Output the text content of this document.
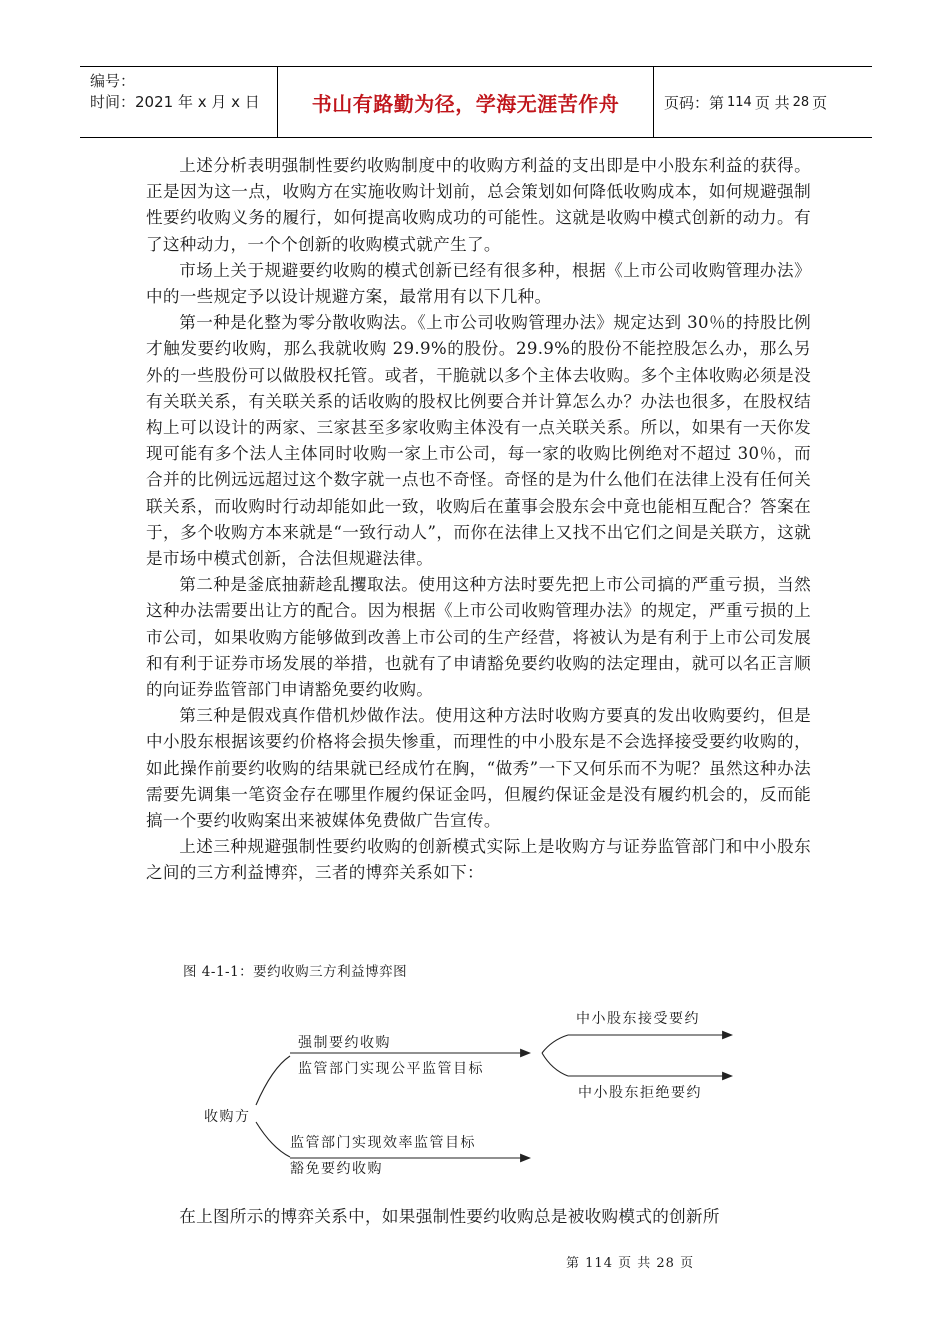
编号：
时间：2021 年 x 月 x 日	书山有路勤为径，学海无涯苦作舟	页码：第 114 页 共 28 页

上述分析表明强制性要约收购制度中的收购方利益的支出即是中小股东利益的获得。正是因为这一点，收购方在实施收购计划前，总会策划如何降低收购成本，如何规避强制性要约收购义务的履行，如何提高收购成功的可能性。这就是收购中模式创新的动力。有了这种动力，一个个创新的收购模式就产生了。

市场上关于规避要约收购的模式创新已经有很多种，根据《上市公司收购管理办法》中的一些规定予以设计规避方案，最常用有以下几种。

第一种是化整为零分散收购法。《上市公司收购管理办法》规定达到 30％的持股比例才触发要约收购，那么我就收购 29.9%的股份。29.9%的股份不能控股怎么办，那么另外的一些股份可以做股权托管。或者，干脆就以多个主体去收购。多个主体收购必须是没有关联关系，有关联关系的话收购的股权比例要合并计算怎么办？办法也很多，在股权结构上可以设计的两家、三家甚至多家收购主体没有一点关联关系。所以，如果有一天你发现可能有多个法人主体同时收购一家上市公司，每一家的收购比例绝对不超过 30％，而合并的比例远远超过这个数字就一点也不奇怪。奇怪的是为什么他们在法律上没有任何关联关系，而收购时行动却能如此一致，收购后在董事会股东会中竟也能相互配合？答案在于，多个收购方本来就是“一致行动人”，而你在法律上又找不出它们之间是关联方，这就是市场中模式创新，合法但规避法律。

第二种是釜底抽薪趁乱攫取法。使用这种方法时要先把上市公司搞的严重亏损，当然这种办法需要出让方的配合。因为根据《上市公司收购管理办法》的规定，严重亏损的上市公司，如果收购方能够做到改善上市公司的生产经营，将被认为是有利于上市公司发展和有利于证券市场发展的举措，也就有了申请豁免要约收购的法定理由，就可以名正言顺的向证券监管部门申请豁免要约收购。

第三种是假戏真作借机炒做作法。使用这种方法时收购方要真的发出收购要约，但是中小股东根据该要约价格将会损失惨重，而理性的中小股东是不会选择接受要约收购的，如此操作前要约收购的结果就已经成竹在胸，“做秀”一下又何乐而不为呢？虽然这种办法需要先调集一笔资金存在哪里作履约保证金吗，但履约保证金是没有履约机会的，反而能搞一个要约收购案出来被媒体免费做广告宣传。

上述三种规避强制性要约收购的创新模式实际上是收购方与证券监管部门和中小股东之间的三方利益博弈，三者的博弈关系如下：

图 4-1-1：要约收购三方利益博弈图
收购方
强制要约收购
监管部门实现公平监管目标
监管部门实现效率监管目标
豁免要约收购
中小股东接受要约
中小股东拒绝要约
在上图所示的博弈关系中，如果强制性要约收购总是被收购模式的创新所
第 114 页 共 28 页
